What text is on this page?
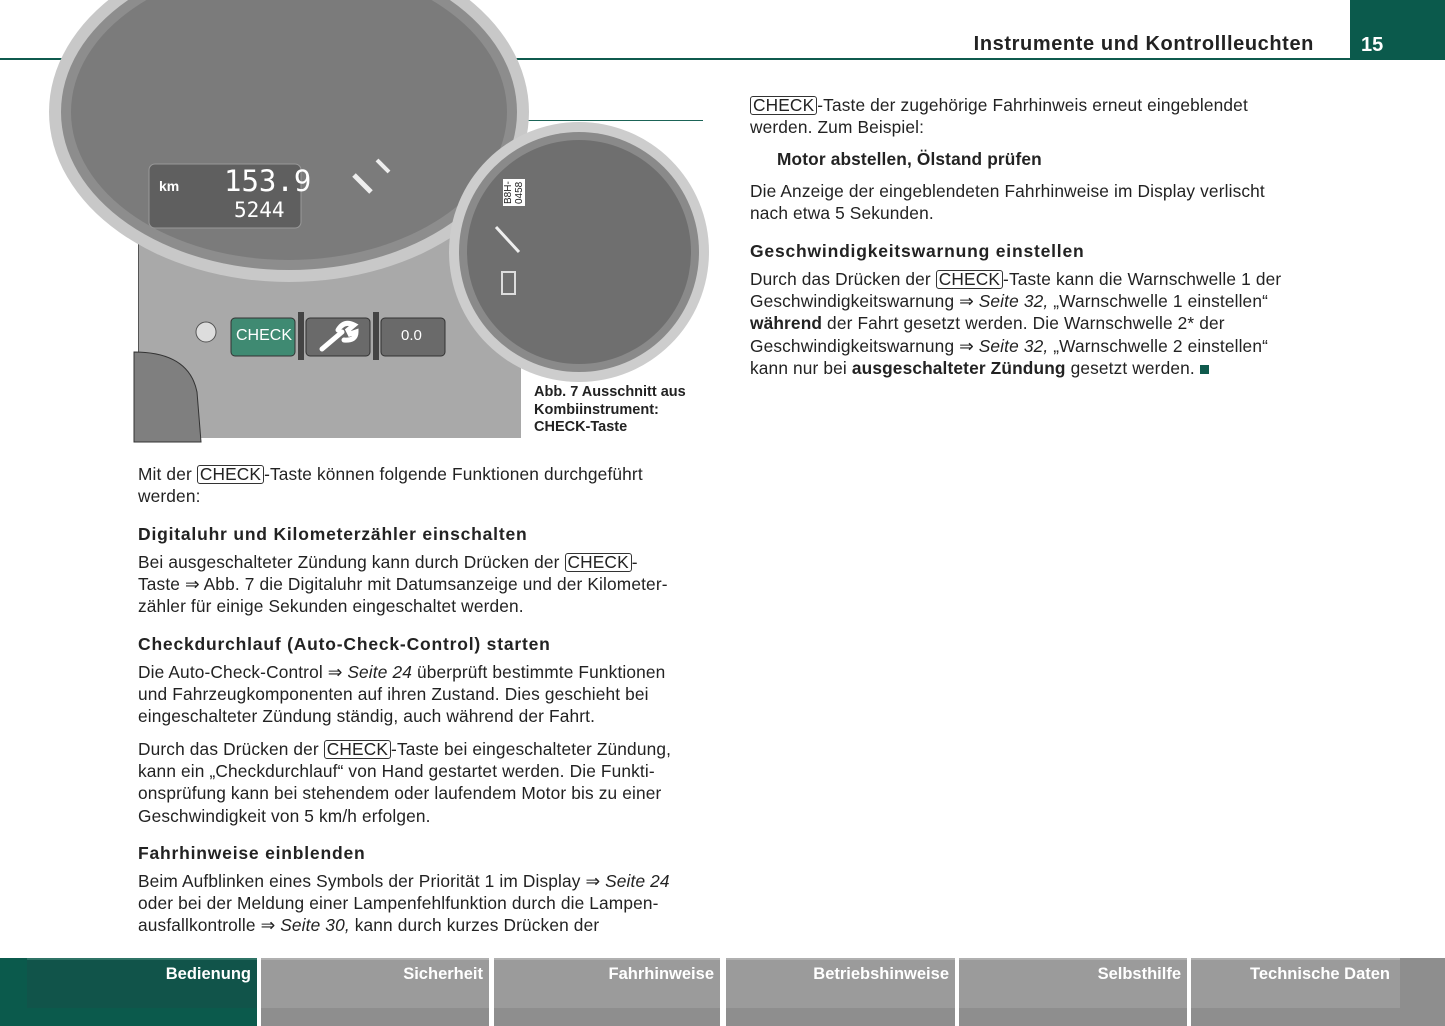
Instrumente und Kontrollleuchten 15
km 153.9
5244
CHECK	0.0
B8H-0458
Abb. 7 Ausschnitt aus
Kombiinstrument:
CHECK-Taste
Mit der CHECK -Taste können folgende Funktionen durchgeführt
werden:
Digitaluhr und Kilometerzähler einschalten
Bei ausgeschalteter Zündung kann durch Drücken der CHECK -
Taste ⇒ Abb. 7 die Digitaluhr mit Datumsanzeige und der Kilometer-
zähler für einige Sekunden eingeschaltet werden.
Checkdurchlauf (Auto-Check-Control) starten
Die Auto-Check-Control ⇒ Seite 24 überprüft bestimmte Funktionen
und Fahrzeugkomponenten auf ihren Zustand. Dies geschieht bei
eingeschalteter Zündung ständig, auch während der Fahrt.
Durch das Drücken der CHECK -Taste bei eingeschalteter Zündung,
kann ein „Checkdurchlauf“ von Hand gestartet werden. Die Funkti-
onsprüfung kann bei stehendem oder laufendem Motor bis zu einer
Geschwindigkeit von 5 km/h erfolgen.
Fahrhinweise einblenden
Beim Aufblinken eines Symbols der Priorität 1 im Display ⇒ Seite 24
oder bei der Meldung einer Lampenfehlfunktion durch die Lampen-
ausfallkontrolle ⇒ Seite 30, kann durch kurzes Drücken der
CHECK -Taste der zugehörige Fahrhinweis erneut eingeblendet
werden. Zum Beispiel:
Motor abstellen, Ölstand prüfen
Die Anzeige der eingeblendeten Fahrhinweise im Display verlischt
nach etwa 5 Sekunden.
Geschwindigkeitswarnung einstellen
Durch das Drücken der CHECK -Taste kann die Warnschwelle 1 der
Geschwindigkeitswarnung ⇒ Seite 32, „Warnschwelle 1 einstellen“
während der Fahrt gesetzt werden. Die Warnschwelle 2* der
Geschwindigkeitswarnung ⇒ Seite 32, „Warnschwelle 2 einstellen“
kann nur bei ausgeschalteter Zündung gesetzt werden.
Bedienung	Sicherheit	Fahrhinweise	Betriebshinweise	Selbsthilfe	Technische Daten
